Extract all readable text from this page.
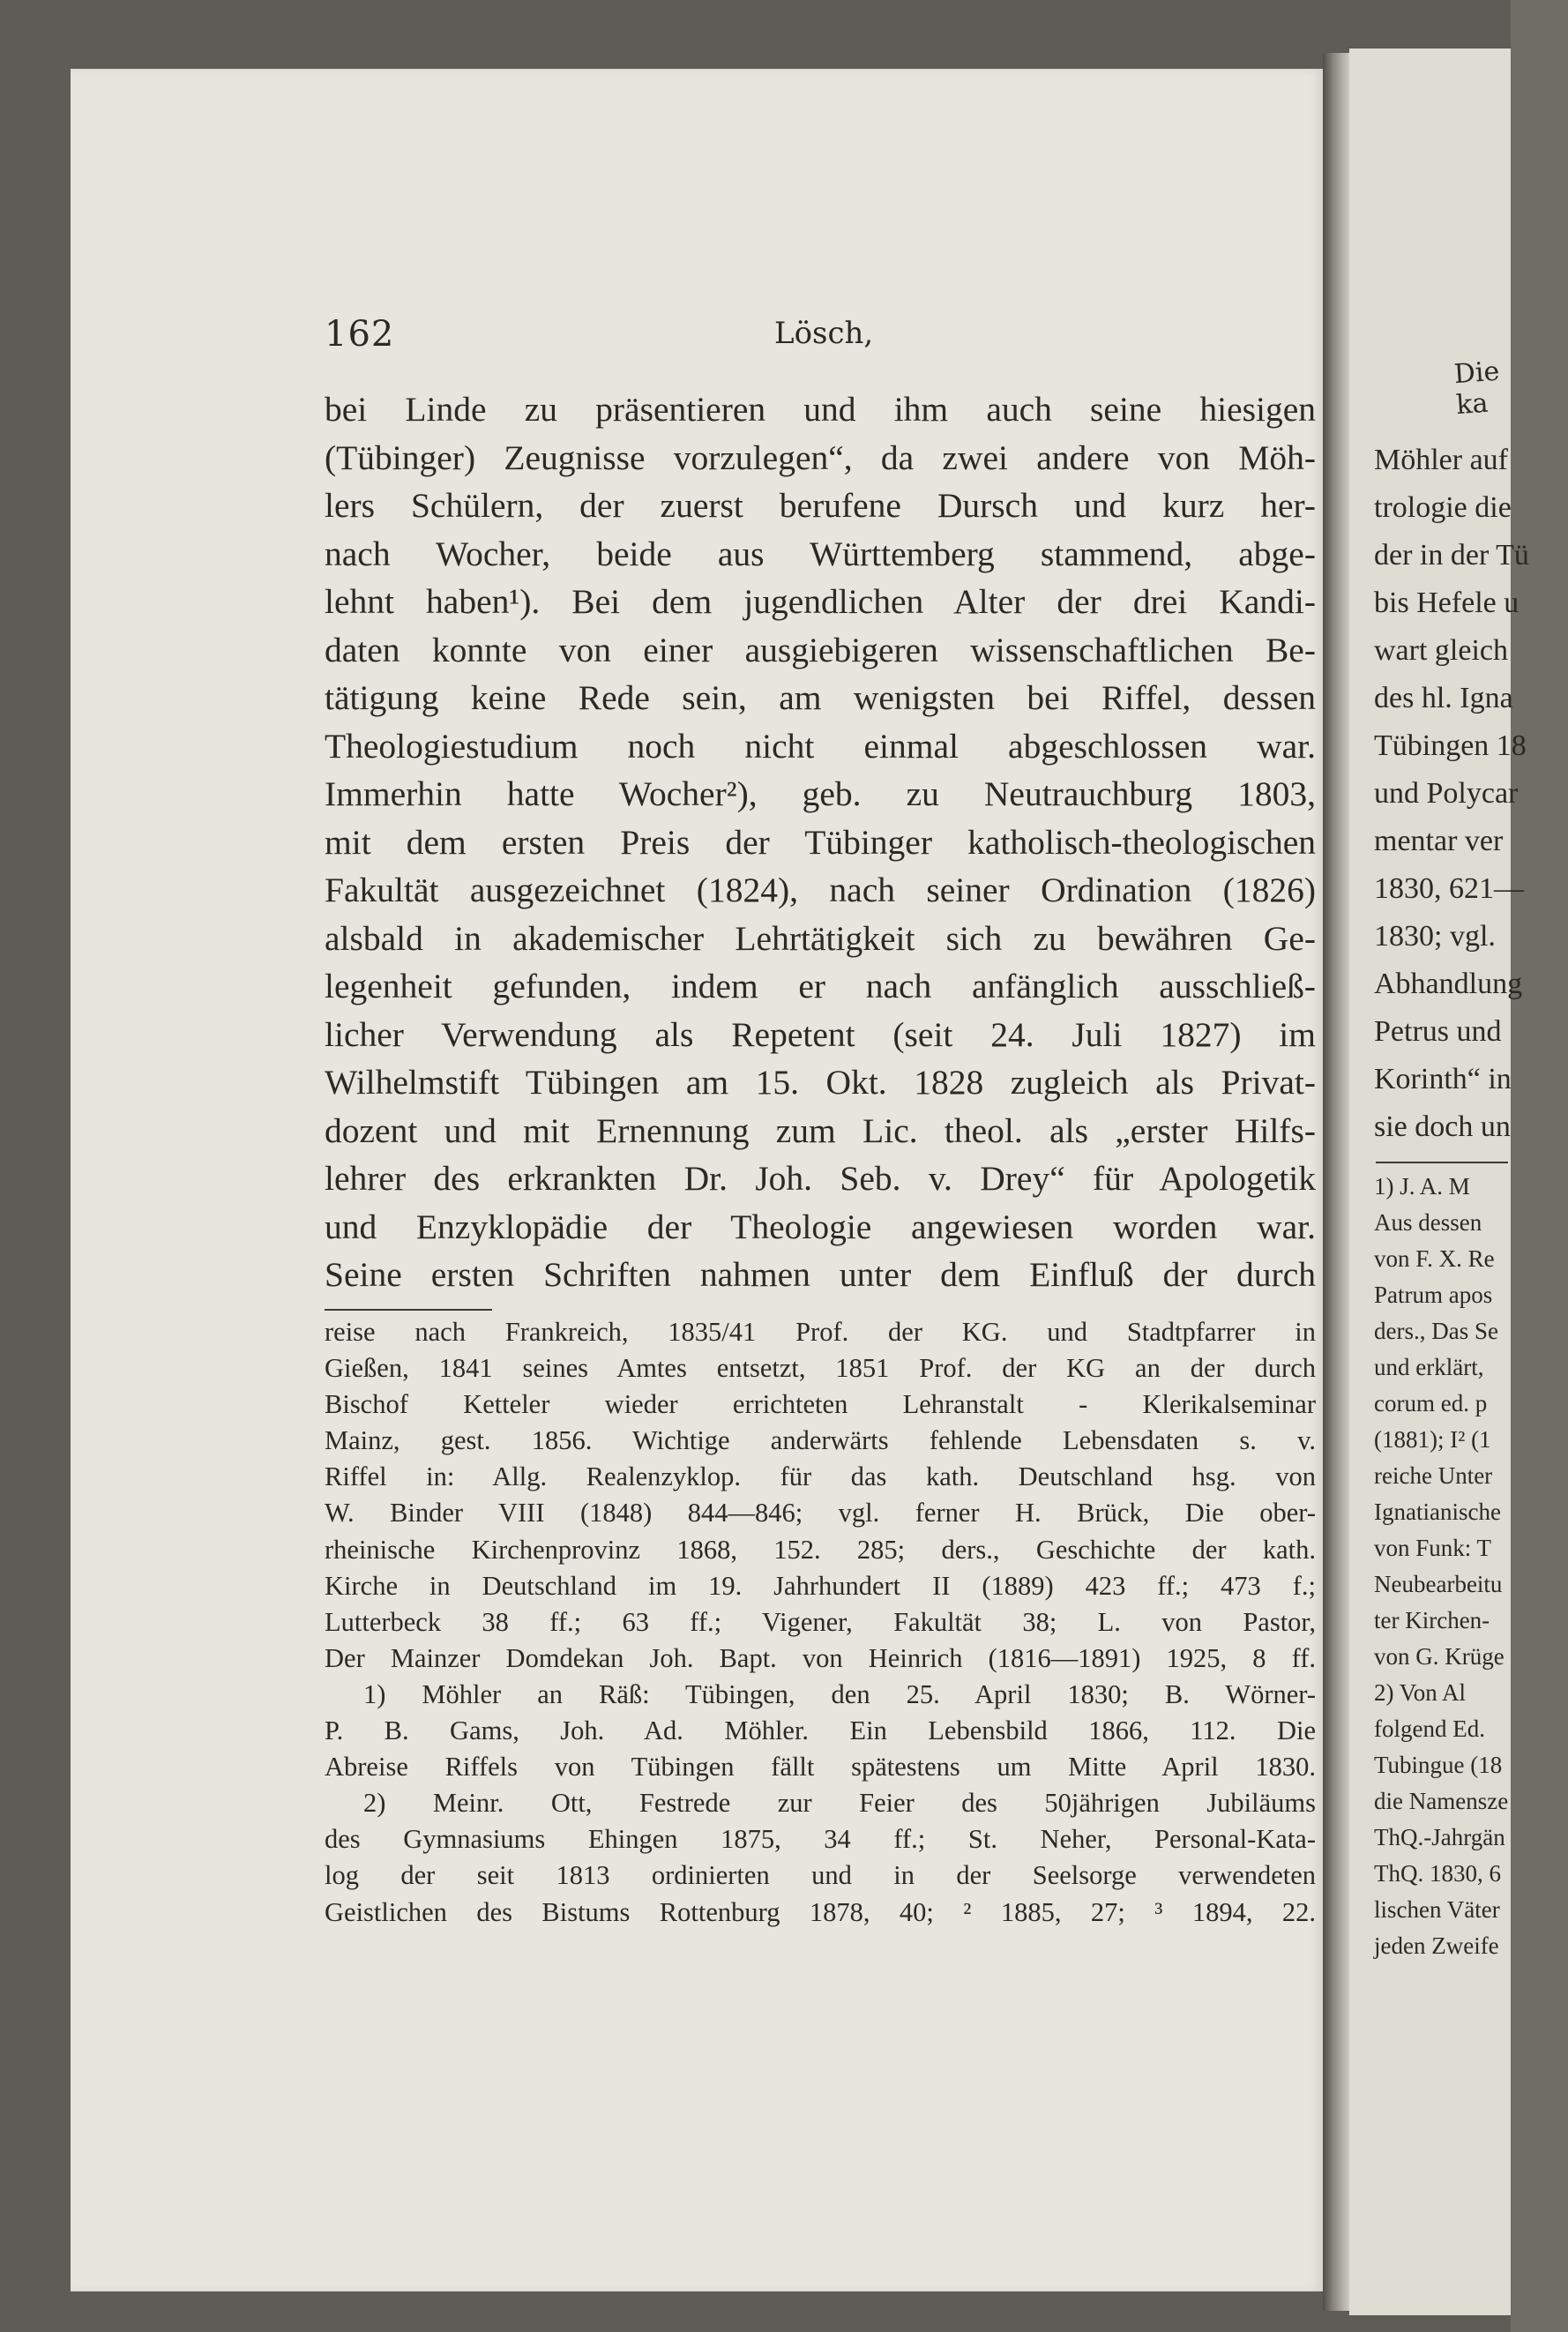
Die ka
Möhler auf
trologie die
der in der Tü
bis Hefele u
wart gleich
des hl. Igna
Tübingen 18
und Polycar
mentar ver
1830, 621—
1830; vgl.
Abhandlung
Petrus und
Korinth“ in
sie doch un
1) J. A. M
Aus dessen
von F. X. Re
Patrum apos
ders., Das Se
und erklärt,
corum ed. p
(1881); I² (1
reiche Unter
Ignatianische
von Funk: T
Neubearbeitu
ter Kirchen-
von G. Krüge
2) Von Al
folgend Ed.
Tubingue (18
die Namensze
ThQ.-Jahrgän
ThQ. 1830, 6
lischen Väter
jeden Zweife
162	Lösch,

bei Linde zu präsentieren und ihm auch seine hiesigen

(Tübinger) Zeugnisse vorzulegen“, da zwei andere von Möh-

lers Schülern, der zuerst berufene Dursch und kurz her-

nach Wocher, beide aus Württemberg stammend, abge-

lehnt haben¹). Bei dem jugendlichen Alter der drei Kandi-

daten konnte von einer ausgiebigeren wissenschaftlichen Be-

tätigung keine Rede sein, am wenigsten bei Riffel, dessen

Theologiestudium noch nicht einmal abgeschlossen war.

Immerhin hatte Wocher²), geb. zu Neutrauchburg 1803,

mit dem ersten Preis der Tübinger katholisch-theologischen

Fakultät ausgezeichnet (1824), nach seiner Ordination (1826)

alsbald in akademischer Lehrtätigkeit sich zu bewähren Ge-

legenheit gefunden, indem er nach anfänglich ausschließ-

licher Verwendung als Repetent (seit 24. Juli 1827) im

Wilhelmstift Tübingen am 15. Okt. 1828 zugleich als Privat-

dozent und mit Ernennung zum Lic. theol. als „erster Hilfs-

lehrer des erkrankten Dr. Joh. Seb. v. Drey“ für Apologetik

und Enzyklopädie der Theologie angewiesen worden war.

Seine ersten Schriften nahmen unter dem Einfluß der durch

reise nach Frankreich, 1835/41 Prof. der KG. und Stadtpfarrer in

Gießen, 1841 seines Amtes entsetzt, 1851 Prof. der KG an der durch

Bischof Ketteler wieder errichteten Lehranstalt - Klerikalseminar

Mainz, gest. 1856. Wichtige anderwärts fehlende Lebensdaten s. v.

Riffel in: Allg. Realenzyklop. für das kath. Deutschland hsg. von

W. Binder VIII (1848) 844—846; vgl. ferner H. Brück, Die ober-

rheinische Kirchenprovinz 1868, 152. 285; ders., Geschichte der kath.

Kirche in Deutschland im 19. Jahrhundert II (1889) 423 ff.; 473 f.;

Lutterbeck 38 ff.; 63 ff.; Vigener, Fakultät 38; L. von Pastor,

Der Mainzer Domdekan Joh. Bapt. von Heinrich (1816—1891) 1925, 8 ff.

1) Möhler an Räß: Tübingen, den 25. April 1830; B. Wörner-

P. B. Gams, Joh. Ad. Möhler. Ein Lebensbild 1866, 112. Die

Abreise Riffels von Tübingen fällt spätestens um Mitte April 1830.

2) Meinr. Ott, Festrede zur Feier des 50jährigen Jubiläums

des Gymnasiums Ehingen 1875, 34 ff.; St. Neher, Personal-Kata-

log der seit 1813 ordinierten und in der Seelsorge verwendeten

Geistlichen des Bistums Rottenburg 1878, 40; ² 1885, 27; ³ 1894, 22.
